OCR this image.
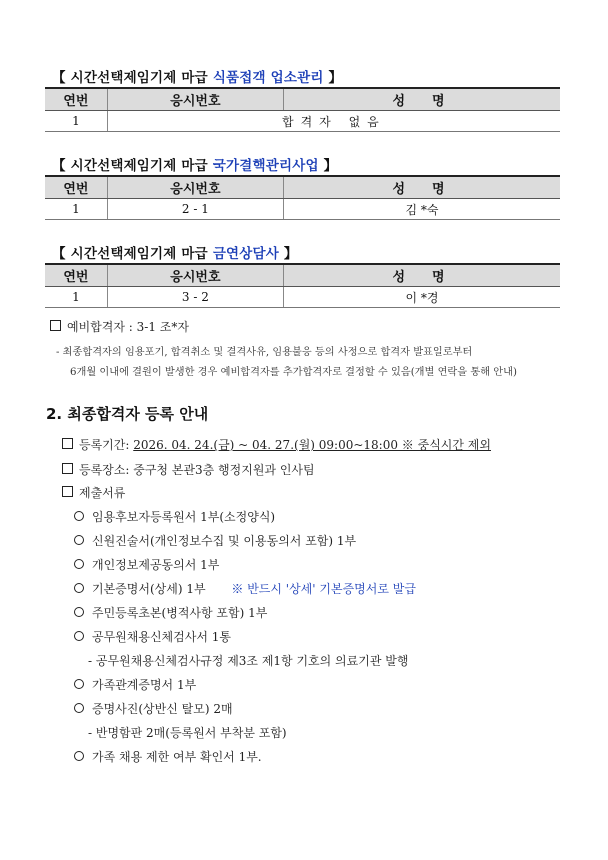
【 시간선택제임기제 마급 식품접객 업소관리 】
연번	응시번호	성　명
1	합격자 없음	
【 시간선택제임기제 마급 국가결핵관리사업 】
연번	응시번호	성　명
1	2 - 1	김 *숙
【 시간선택제임기제 마급 금연상담사 】
연번	응시번호	성　명
1	3 - 2	이 *경
예비합격자 : 3-1 조*자
- 최종합격자의 임용포기, 합격취소 및 결격사유, 임용불응 등의 사정으로 합격자 발표일로부터
6개월 이내에 결원이 발생한 경우 예비합격자를 추가합격자로 결정할 수 있음(개별 연락을 통해 안내)
2. 최종합격자 등록 안내
등록기간: 2026. 04. 24.(금) ~ 04. 27.(월) 09:00~18:00 ※ 중식시간 제외
등록장소: 중구청 본관3층 행정지원과 인사팀
제출서류
임용후보자등록원서 1부(소정양식)
신원진술서(개인정보수집 및 이용동의서 포함) 1부
개인정보제공동의서 1부
기본증명서(상세) 1부 ※ 반드시 '상세' 기본증명서로 발급
주민등록초본(병적사항 포함) 1부
공무원채용신체검사서 1통
- 공무원채용신체검사규정 제3조 제1항 기호의 의료기관 발행
가족관계증명서 1부
증명사진(상반신 탈모) 2매
- 반명함판 2매(등록원서 부착분 포함)
가족 채용 제한 여부 확인서 1부.
